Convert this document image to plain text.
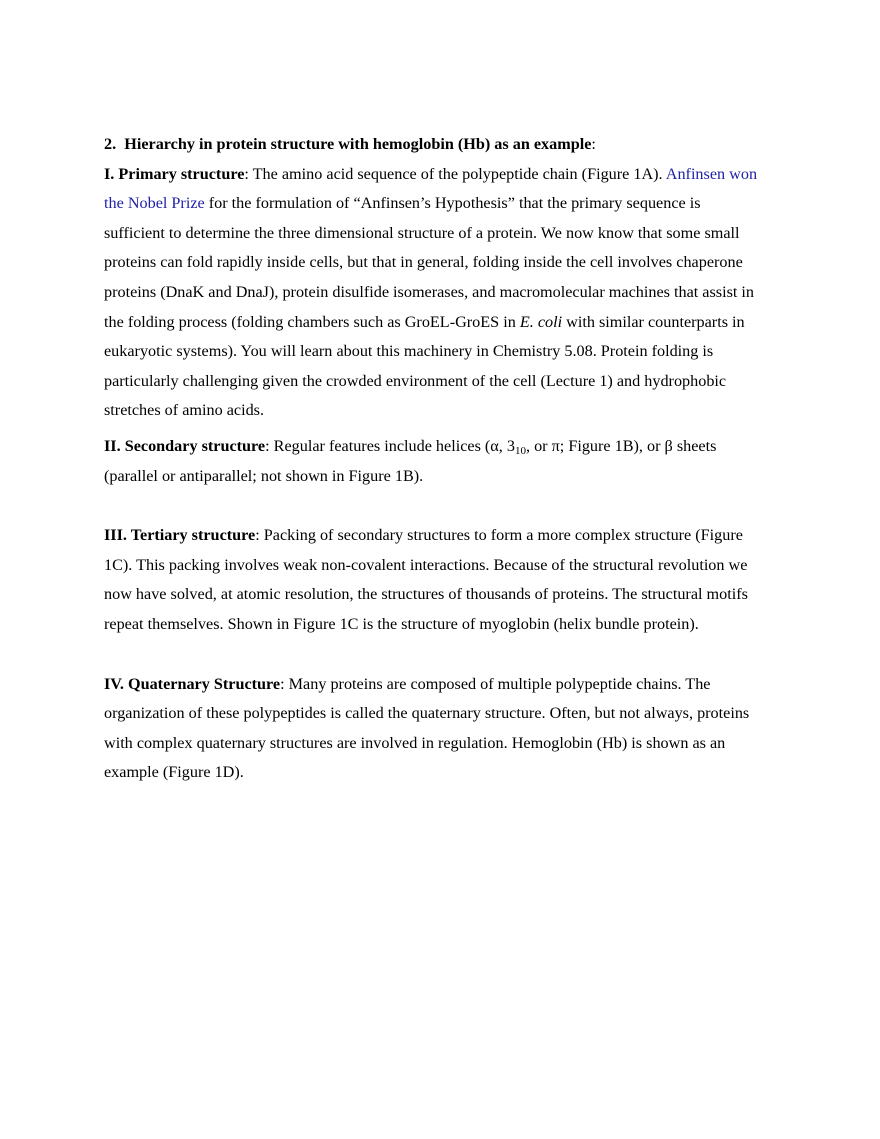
2. Hierarchy in protein structure with hemoglobin (Hb) as an example:

I. Primary structure: The amino acid sequence of the polypeptide chain (Figure 1A). Anfinsen won the Nobel Prize for the formulation of “Anfinsen’s Hypothesis” that the primary sequence is sufficient to determine the three dimensional structure of a protein. We now know that some small proteins can fold rapidly inside cells, but that in general, folding inside the cell involves chaperone proteins (DnaK and DnaJ), protein disulfide isomerases, and macromolecular machines that assist in the folding process (folding chambers such as GroEL-GroES in E. coli with similar counterparts in eukaryotic systems). You will learn about this machinery in Chemistry 5.08. Protein folding is particularly challenging given the crowded environment of the cell (Lecture 1) and hydrophobic stretches of amino acids.

II. Secondary structure: Regular features include helices (α, $3_{10}$, or π; Figure 1B), or β sheets (parallel or antiparallel; not shown in Figure 1B).

III. Tertiary structure: Packing of secondary structures to form a more complex structure (Figure 1C). This packing involves weak non-covalent interactions. Because of the structural revolution we now have solved, at atomic resolution, the structures of thousands of proteins. The structural motifs repeat themselves. Shown in Figure 1C is the structure of myoglobin (helix bundle protein).

IV. Quaternary Structure: Many proteins are composed of multiple polypeptide chains. The organization of these polypeptides is called the quaternary structure. Often, but not always, proteins with complex quaternary structures are involved in regulation. Hemoglobin (Hb) is shown as an example (Figure 1D).
